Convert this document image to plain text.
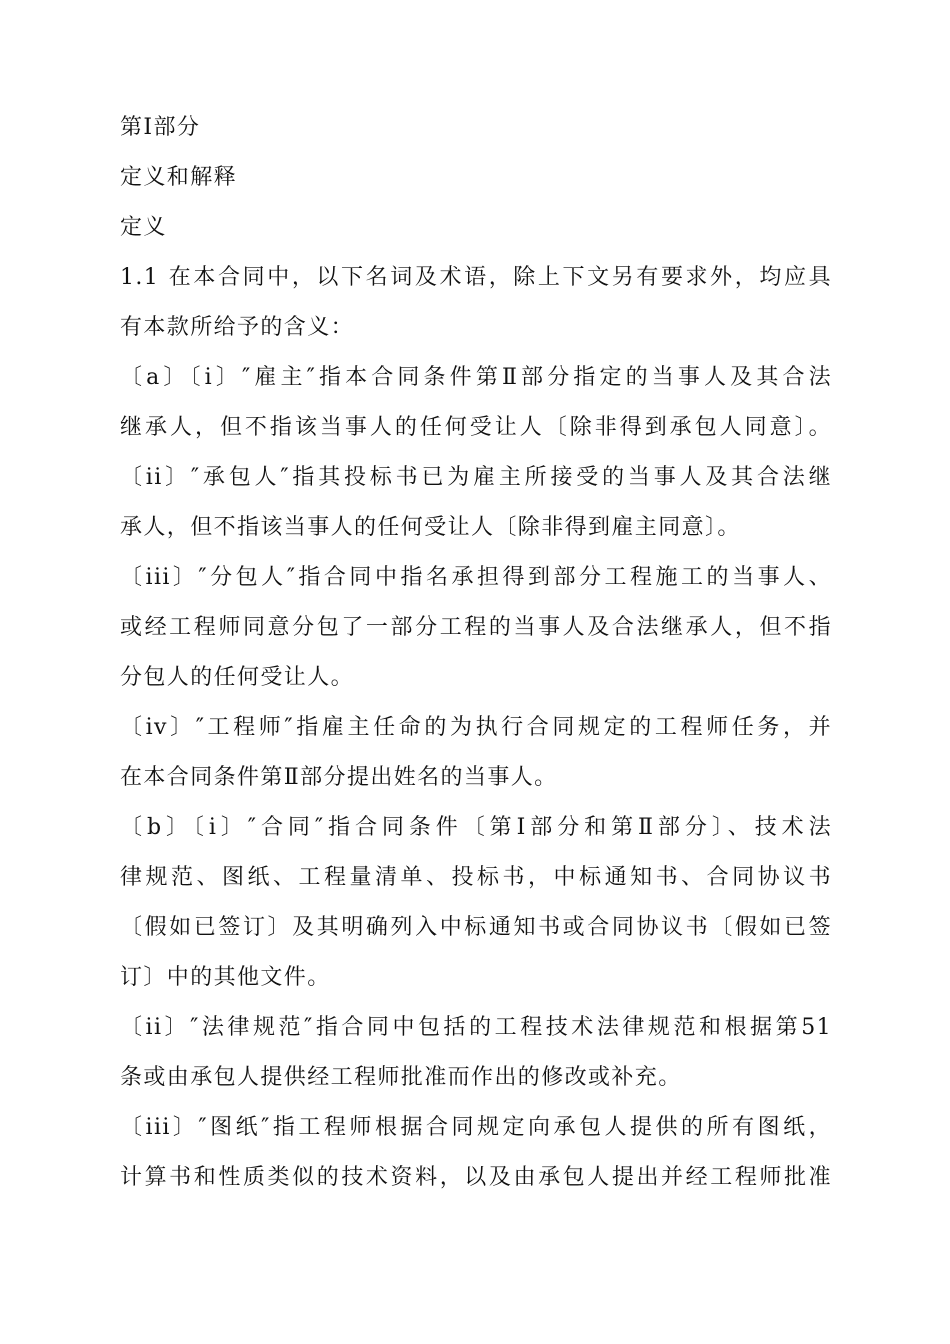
第Ⅰ部分
定义和解释
定义
1.1 在本合同中，以下名词及术语，除上下文另有要求外，均应具
有本款所给予的含义：
〔a〕〔i〕″雇主″指本合同条件第Ⅱ部分指定的当事人及其合法
继承人，但不指该当事人的任何受让人〔除非得到承包人同意〕。
〔ii〕″承包人″指其投标书已为雇主所接受的当事人及其合法继
承人，但不指该当事人的任何受让人〔除非得到雇主同意〕。
〔iii〕″分包人″指合同中指名承担得到部分工程施工的当事人、
或经工程师同意分包了一部分工程的当事人及合法继承人，但不指
分包人的任何受让人。
〔iv〕″工程师″指雇主任命的为执行合同规定的工程师任务，并
在本合同条件第Ⅱ部分提出姓名的当事人。
〔b〕〔i〕″合同″指合同条件〔第Ⅰ部分和第Ⅱ部分〕、技术法
律规范、图纸、工程量清单、投标书，中标通知书、合同协议书
〔假如已签订〕及其明确列入中标通知书或合同协议书〔假如已签
订〕中的其他文件。
〔ii〕″法律规范″指合同中包括的工程技术法律规范和根据第51
条或由承包人提供经工程师批准而作出的修改或补充。
〔iii〕″图纸″指工程师根据合同规定向承包人提供的所有图纸，
计算书和性质类似的技术资料，以及由承包人提出并经工程师批准
